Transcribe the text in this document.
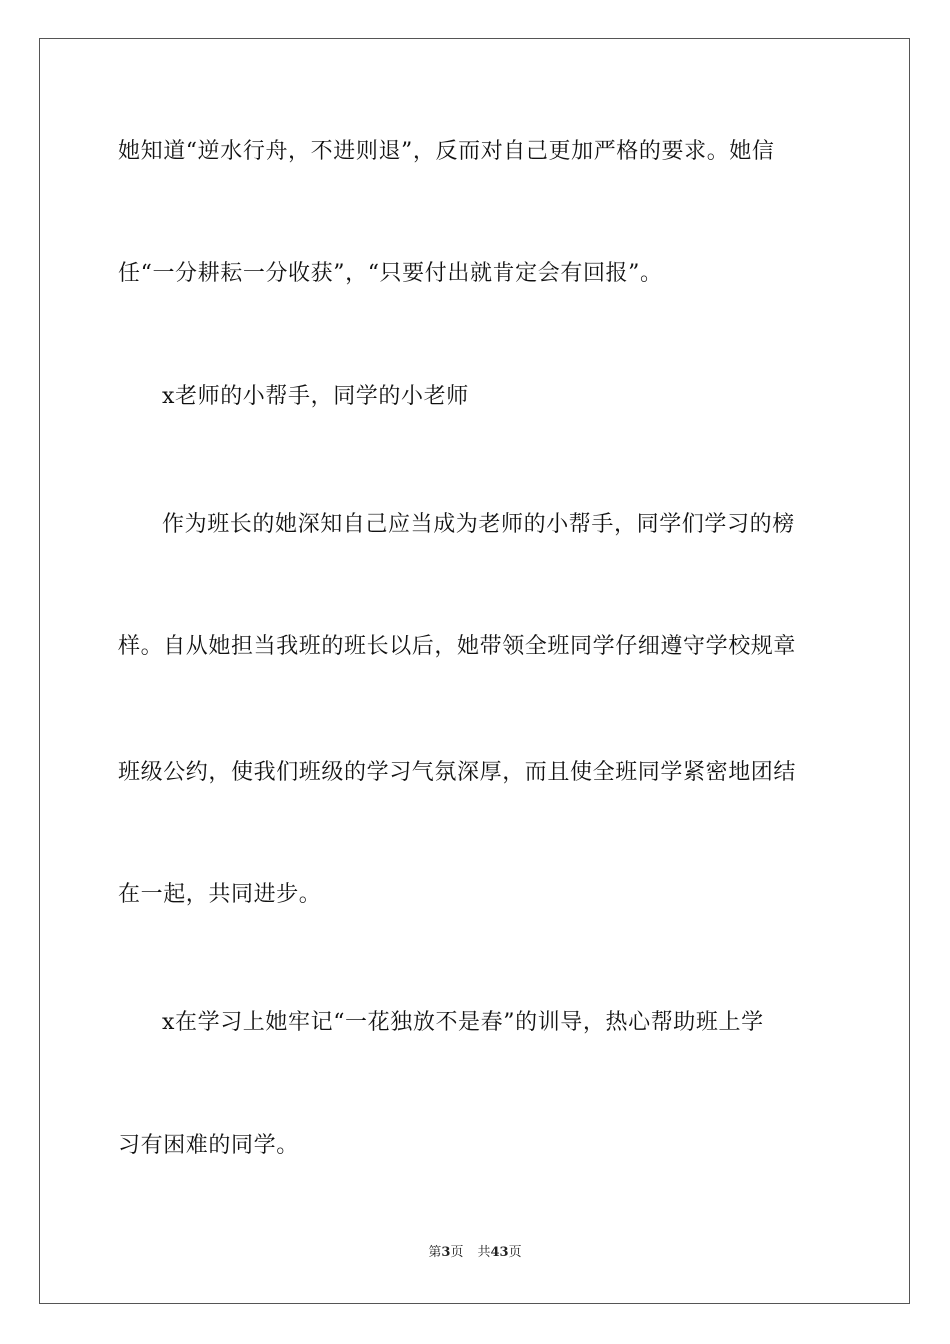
她知道“逆水行舟，不进则退”，反而对自己更加严格的要求。她信
任“一分耕耘一分收获”，“只要付出就肯定会有回报”。
x老师的小帮手，同学的小老师
作为班长的她深知自己应当成为老师的小帮手，同学们学习的榜
样。自从她担当我班的班长以后，她带领全班同学仔细遵守学校规章
班级公约，使我们班级的学习气氛深厚，而且使全班同学紧密地团结
在一起，共同进步。
x在学习上她牢记“一花独放不是春”的训导，热心帮助班上学
习有困难的同学。
第3页 共43页
